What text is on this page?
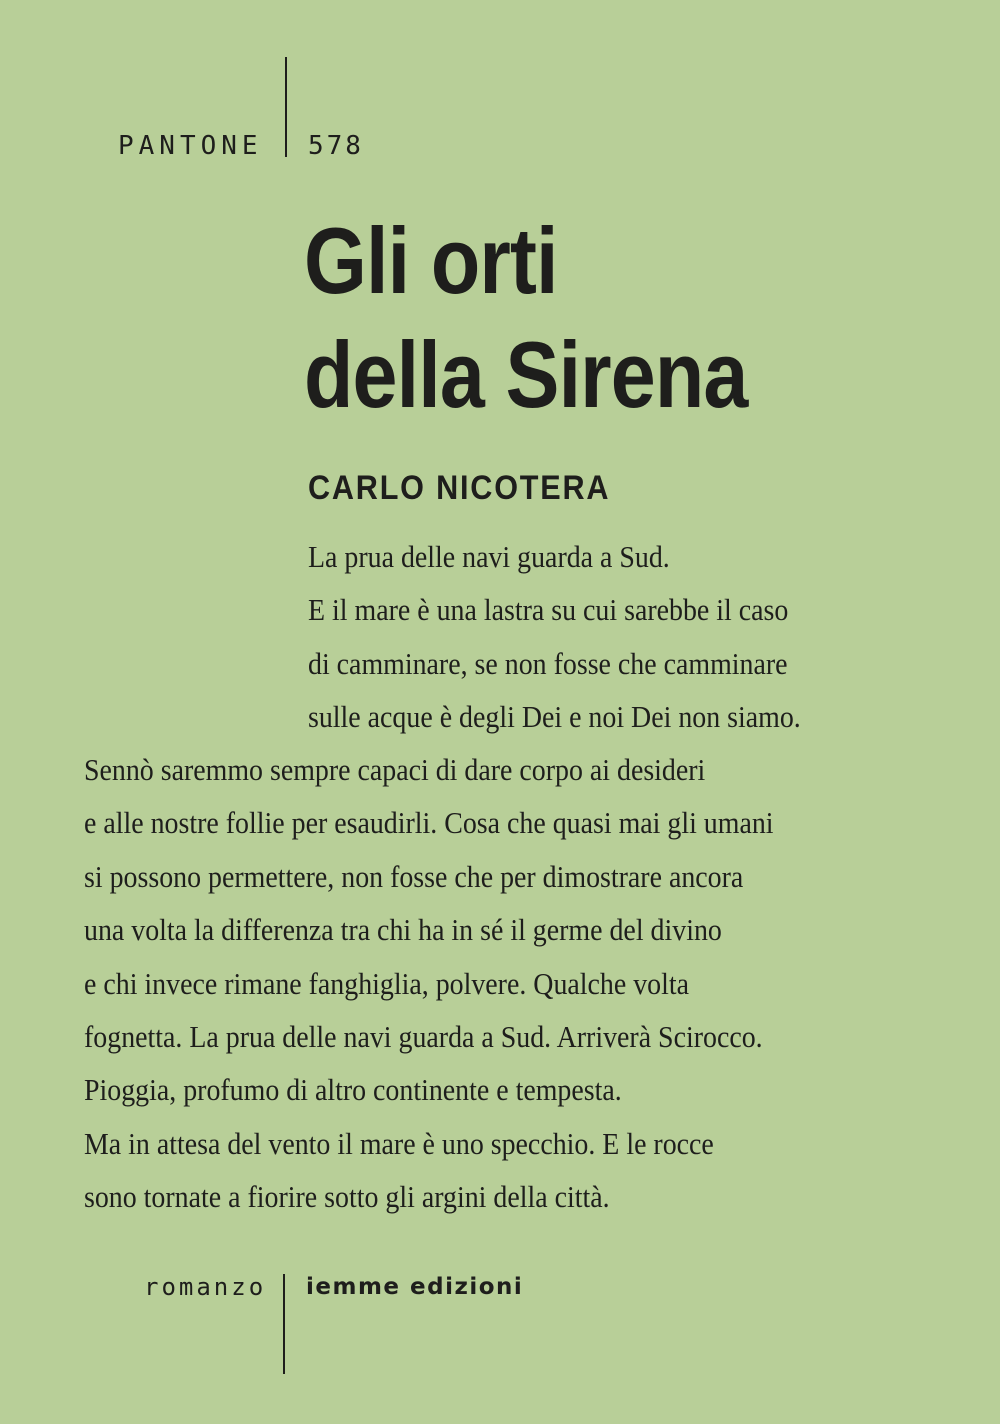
PANTONE 578
Gli orti
della Sirena
CARLO NICOTERA
La prua delle navi guarda a Sud.
E il mare è una lastra su cui sarebbe il caso
di camminare, se non fosse che camminare
sulle acque è degli Dei e noi Dei non siamo.
Sennò saremmo sempre capaci di dare corpo ai desideri
e alle nostre follie per esaudirli. Cosa che quasi mai gli umani
si possono permettere, non fosse che per dimostrare ancora
una volta la differenza tra chi ha in sé il germe del divino
e chi invece rimane fanghiglia, polvere. Qualche volta
fognetta. La prua delle navi guarda a Sud. Arriverà Scirocco.
Pioggia, profumo di altro continente e tempesta.
Ma in attesa del vento il mare è uno specchio. E le rocce
sono tornate a fiorire sotto gli argini della città.
romanzo iemme edizioni
